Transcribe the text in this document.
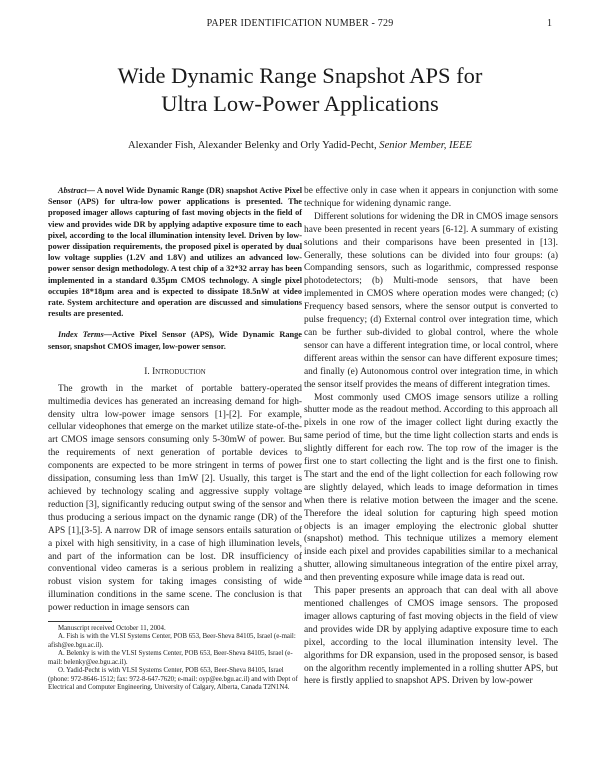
PAPER IDENTIFICATION NUMBER - 729	1
Wide Dynamic Range Snapshot APS for
Ultra Low-Power Applications
Alexander Fish, Alexander Belenky and Orly Yadid-Pecht, Senior Member, IEEE

Abstract— A novel Wide Dynamic Range (DR) snapshot Active Pixel Sensor (APS) for ultra-low power applications is presented. The proposed imager allows capturing of fast moving objects in the field of view and provides wide DR by applying adaptive exposure time to each pixel, according to the local illumination intensity level. Driven by low-power dissipation requirements, the proposed pixel is operated by dual low voltage supplies (1.2V and 1.8V) and utilizes an advanced low-power sensor design methodology. A test chip of a 32*32 array has been implemented in a standard 0.35µm CMOS technology. A single pixel occupies 18*18µm area and is expected to dissipate 18.5nW at video rate. System architecture and operation are discussed and simulations results are presented.

Index Terms—Active Pixel Sensor (APS), Wide Dynamic Range sensor, snapshot CMOS imager, low-power sensor.

I. Introduction

The growth in the market of portable battery-operated multimedia devices has generated an increasing demand for high-density ultra low-power image sensors [1]-[2]. For example, cellular videophones that emerge on the market utilize state-of-the-art CMOS image sensors consuming only 5-30mW of power. But the requirements of next generation of portable devices to components are expected to be more stringent in terms of power dissipation, consuming less than 1mW [2]. Usually, this target is achieved by technology scaling and aggressive supply voltage reduction [3], significantly reducing output swing of the sensor and thus producing a serious impact on the dynamic range (DR) of the APS [1],[3-5]. A narrow DR of image sensors entails saturation of a pixel with high sensitivity, in a case of high illumination levels, and part of the information can be lost. DR insufficiency of conventional video cameras is a serious problem in realizing a robust vision system for taking images consisting of wide illumination conditions in the same scene. The conclusion is that power reduction in image sensors can

Manuscript received October 11, 2004.

A. Fish is with the VLSI Systems Center, POB 653, Beer-Sheva 84105, Israel (e-mail: afish@ee.bgu.ac.il).

A. Belenky is with the VLSI Systems Center, POB 653, Beer-Sheva 84105, Israel (e-mail: belenky@ee.bgu.ac.il).

O. Yadid-Pecht is with VLSI Systems Center, POB 653, Beer-Sheva 84105, Israel (phone: 972-8646-1512; fax: 972-8-647-7620; e-mail: oyp@ee.bgu.ac.il) and with Dept of Electrical and Computer Engineering, University of Calgary, Alberta, Canada T2N1N4.

be effective only in case when it appears in conjunction with some technique for widening dynamic range.

Different solutions for widening the DR in CMOS image sensors have been presented in recent years [6-12]. A summary of existing solutions and their comparisons have been presented in [13]. Generally, these solutions can be divided into four groups: (a) Companding sensors, such as logarithmic, compressed response photodetectors; (b) Multi-mode sensors, that have been implemented in CMOS where operation modes were changed; (c) Frequency based sensors, where the sensor output is converted to pulse frequency; (d) External control over integration time, which can be further sub-divided to global control, where the whole sensor can have a different integration time, or local control, where different areas within the sensor can have different exposure times; and finally (e) Autonomous control over integration time, in which the sensor itself provides the means of different integration times.

Most commonly used CMOS image sensors utilize a rolling shutter mode as the readout method. According to this approach all pixels in one row of the imager collect light during exactly the same period of time, but the time light collection starts and ends is slightly different for each row. The top row of the imager is the first one to start collecting the light and is the first one to finish. The start and the end of the light collection for each following row are slightly delayed, which leads to image deformation in times when there is relative motion between the imager and the scene. Therefore the ideal solution for capturing high speed motion objects is an imager employing the electronic global shutter (snapshot) method. This technique utilizes a memory element inside each pixel and provides capabilities similar to a mechanical shutter, allowing simultaneous integration of the entire pixel array, and then preventing exposure while image data is read out.

This paper presents an approach that can deal with all above mentioned challenges of CMOS image sensors. The proposed imager allows capturing of fast moving objects in the field of view and provides wide DR by applying adaptive exposure time to each pixel, according to the local illumination intensity level. The algorithms for DR expansion, used in the proposed sensor, is based on the algorithm recently implemented in a rolling shutter APS, but here is firstly applied to snapshot APS. Driven by low-power
